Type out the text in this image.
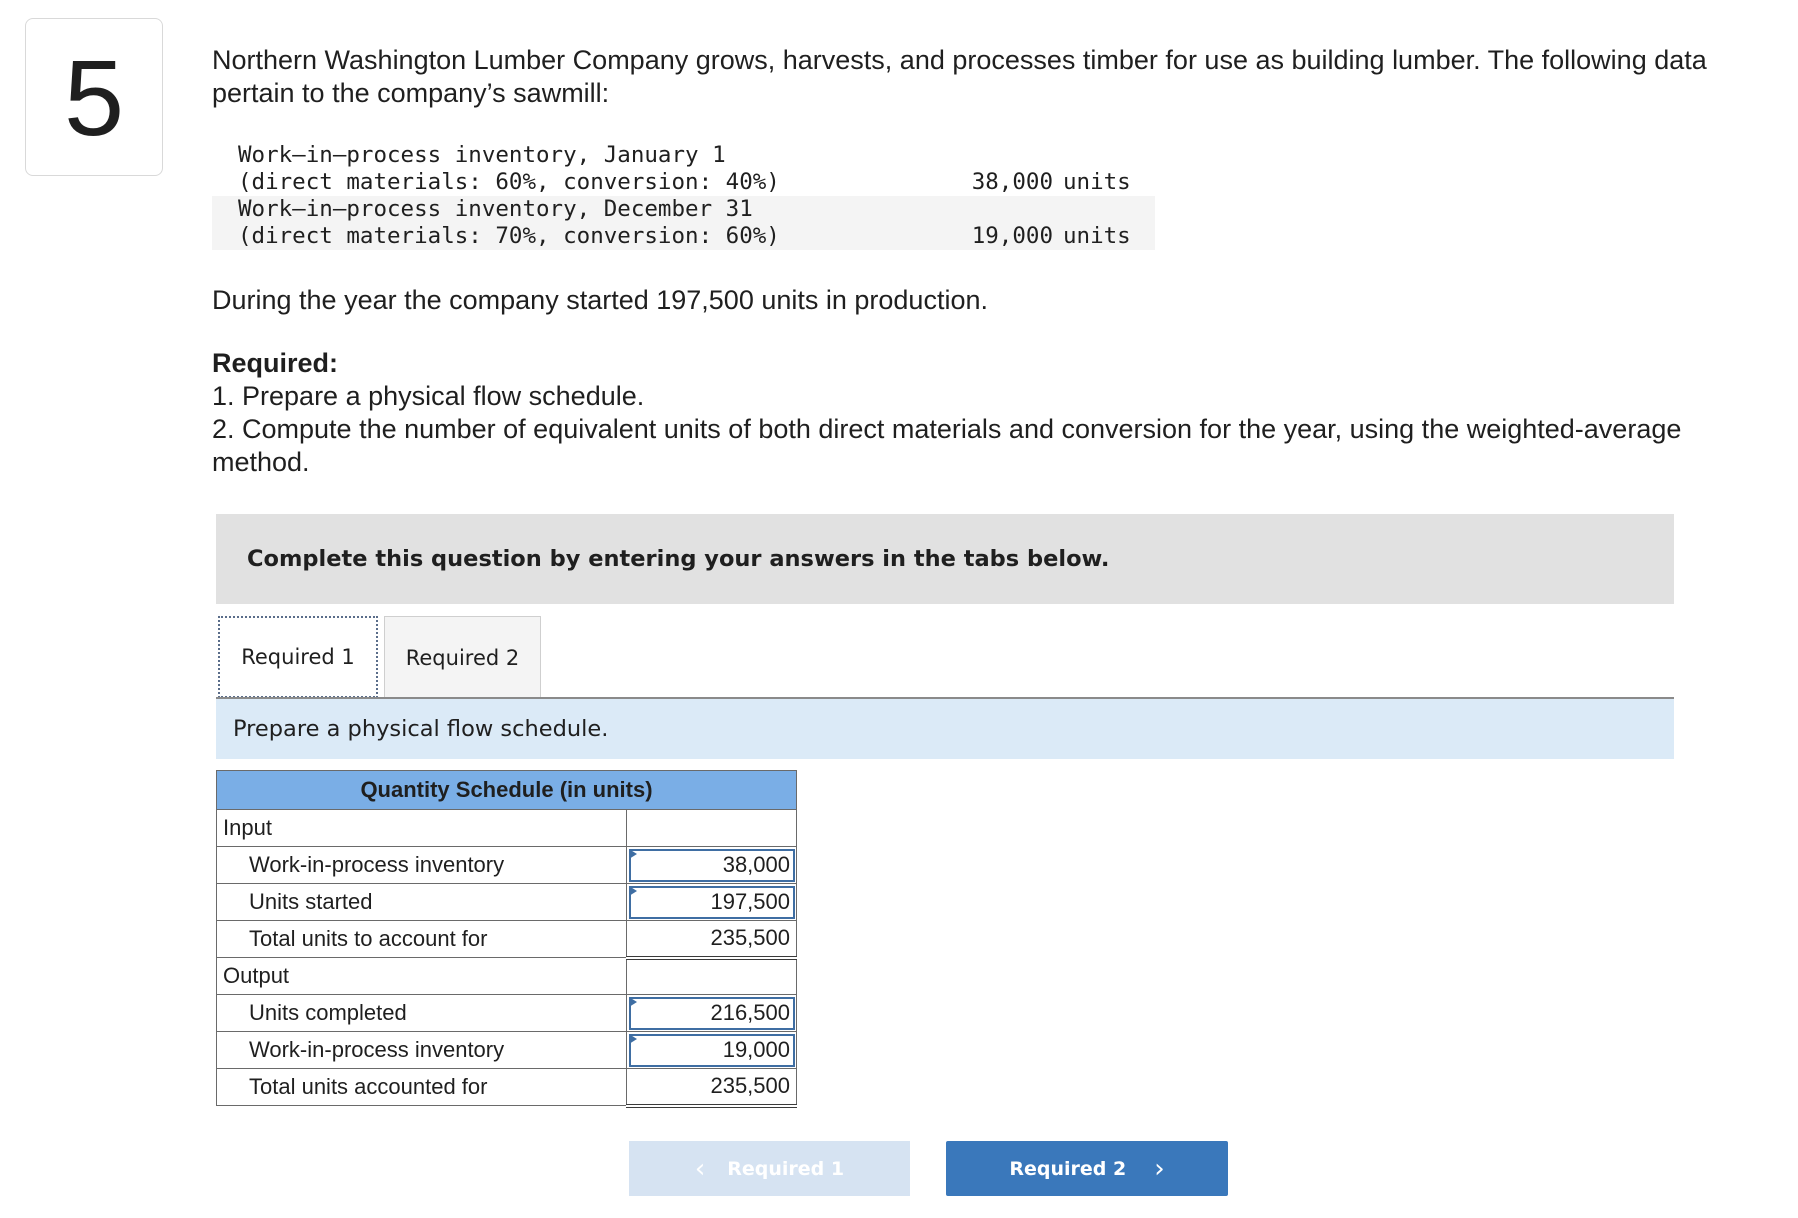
5	Northern Washington Lumber Company grows, harvests, and processes timber for use as building lumber. The following data pertain to the company’s sawmill:

Work–in–process inventory, January 1		
(direct materials: 60%, conversion: 40%)	38,000	units
Work–in–process inventory, December 31		
(direct materials: 70%, conversion: 60%)	19,000	units

During the year the company started 197,500 units in production.

Required:

1. Prepare a physical flow schedule.

2. Compute the number of equivalent units of both direct materials and conversion for the year, using the weighted-average method.

Complete this question by entering your answers in the tabs below.
Required 1	Required 2
Prepare a physical flow schedule.
Quantity Schedule (in units)	
Input	
Work-in-process inventory	38,000
Units started	197,500
Total units to account for	235,500
Output	
Units completed	216,500
Work-in-process inventory	19,000
Total units accounted for	235,500
‹ Required 1	Required 2 ›
